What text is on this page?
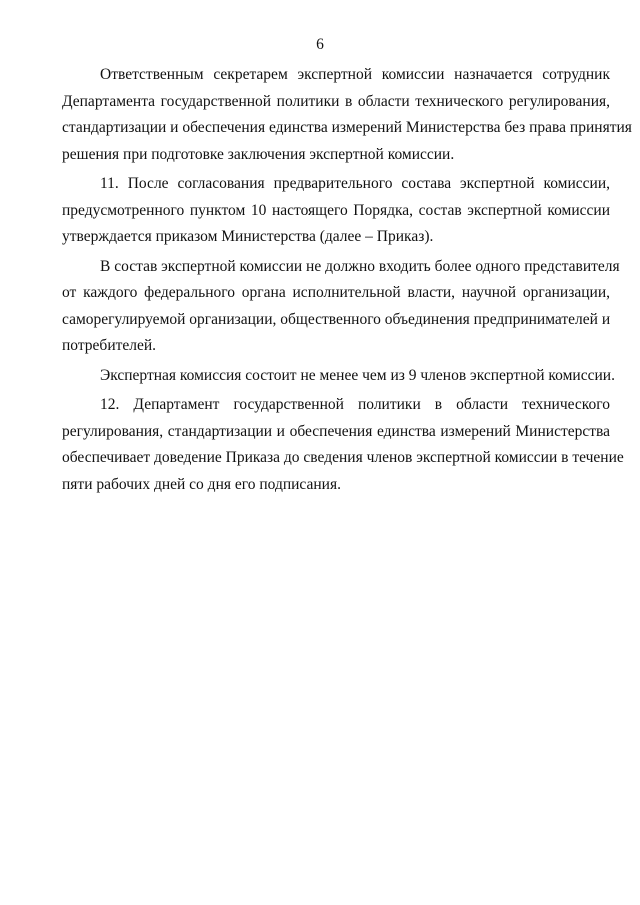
6
Ответственным секретарем экспертной комиссии назначается сотрудник
Департамента государственной политики в области технического регулирования,
стандартизации и обеспечения единства измерений Министерства без права принятия
решения при подготовке заключения экспертной комиссии.
11. После согласования предварительного состава экспертной комиссии,
предусмотренного пунктом 10 настоящего Порядка, состав экспертной комиссии
утверждается приказом Министерства (далее – Приказ).
В состав экспертной комиссии не должно входить более одного представителя
от каждого федерального органа исполнительной власти, научной организации,
саморегулируемой организации, общественного объединения предпринимателей и
потребителей.
Экспертная комиссия состоит не менее чем из 9 членов экспертной комиссии.
12. Департамент государственной политики в области технического
регулирования, стандартизации и обеспечения единства измерений Министерства
обеспечивает доведение Приказа до сведения членов экспертной комиссии в течение
пяти рабочих дней со дня его подписания.
